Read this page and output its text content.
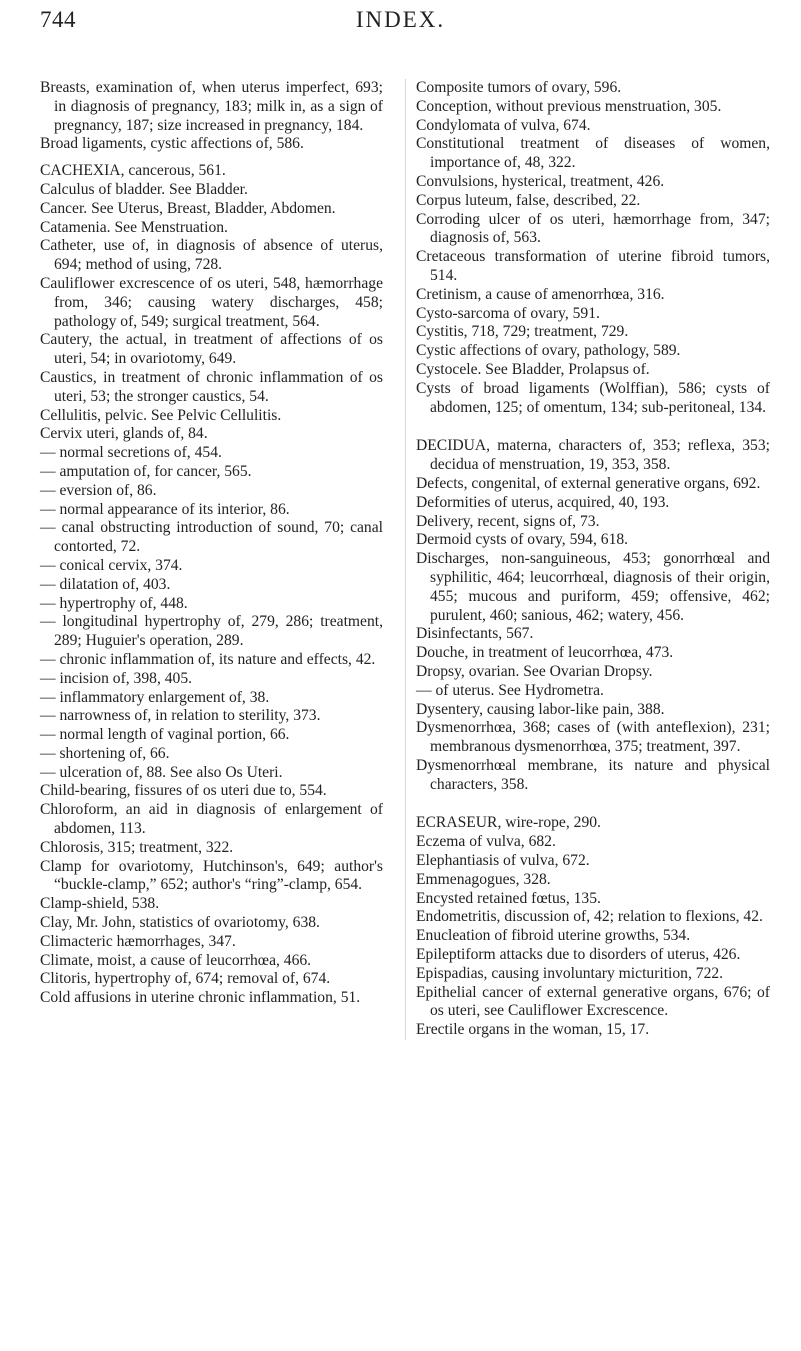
744	INDEX.
Breasts, examination of, when uterus imperfect, 693; in diagnosis of pregnancy, 183; milk in, as a sign of pregnancy, 187; size increased in pregnancy, 184.
Broad ligaments, cystic affections of, 586.
CACHEXIA, cancerous, 561.
Calculus of bladder. See Bladder.
Cancer. See Uterus, Breast, Bladder, Abdomen.
Catamenia. See Menstruation.
Catheter, use of, in diagnosis of absence of uterus, 694; method of using, 728.
Cauliflower excrescence of os uteri, 548, hæmorrhage from, 346; causing watery discharges, 458; pathology of, 549; surgical treatment, 564.
Cautery, the actual, in treatment of affections of os uteri, 54; in ovariotomy, 649.
Caustics, in treatment of chronic inflammation of os uteri, 53; the stronger caustics, 54.
Cellulitis, pelvic. See Pelvic Cellulitis.
Cervix uteri, glands of, 84.
— normal secretions of, 454.
— amputation of, for cancer, 565.
— eversion of, 86.
— normal appearance of its interior, 86.
— canal obstructing introduction of sound, 70; canal contorted, 72.
— conical cervix, 374.
— dilatation of, 403.
— hypertrophy of, 448.
— longitudinal hypertrophy of, 279, 286; treatment, 289; Huguier's operation, 289.
— chronic inflammation of, its nature and effects, 42.
— incision of, 398, 405.
— inflammatory enlargement of, 38.
— narrowness of, in relation to sterility, 373.
— normal length of vaginal portion, 66.
— shortening of, 66.
— ulceration of, 88. See also Os Uteri.
Child-bearing, fissures of os uteri due to, 554.
Chloroform, an aid in diagnosis of enlargement of abdomen, 113.
Chlorosis, 315; treatment, 322.
Clamp for ovariotomy, Hutchinson's, 649; author's “buckle-clamp,” 652; author's “ring”-clamp, 654.
Clamp-shield, 538.
Clay, Mr. John, statistics of ovariotomy, 638.
Climacteric hæmorrhages, 347.
Climate, moist, a cause of leucorrhœa, 466.
Clitoris, hypertrophy of, 674; removal of, 674.
Cold affusions in uterine chronic inflammation, 51.
Composite tumors of ovary, 596.
Conception, without previous menstruation, 305.
Condylomata of vulva, 674.
Constitutional treatment of diseases of women, importance of, 48, 322.
Convulsions, hysterical, treatment, 426.
Corpus luteum, false, described, 22.
Corroding ulcer of os uteri, hæmorrhage from, 347; diagnosis of, 563.
Cretaceous transformation of uterine fibroid tumors, 514.
Cretinism, a cause of amenorrhœa, 316.
Cysto-sarcoma of ovary, 591.
Cystitis, 718, 729; treatment, 729.
Cystic affections of ovary, pathology, 589.
Cystocele. See Bladder, Prolapsus of.
Cysts of broad ligaments (Wolffian), 586; cysts of abdomen, 125; of omentum, 134; sub-peritoneal, 134.
DECIDUA, materna, characters of, 353; reflexa, 353; decidua of menstruation, 19, 353, 358.
Defects, congenital, of external generative organs, 692.
Deformities of uterus, acquired, 40, 193.
Delivery, recent, signs of, 73.
Dermoid cysts of ovary, 594, 618.
Discharges, non-sanguineous, 453; gonorrhœal and syphilitic, 464; leucorrhœal, diagnosis of their origin, 455; mucous and puriform, 459; offensive, 462; purulent, 460; sanious, 462; watery, 456.
Disinfectants, 567.
Douche, in treatment of leucorrhœa, 473.
Dropsy, ovarian. See Ovarian Dropsy.
— of uterus. See Hydrometra.
Dysentery, causing labor-like pain, 388.
Dysmenorrhœa, 368; cases of (with anteflexion), 231; membranous dysmenorrhœa, 375; treatment, 397.
Dysmenorrhœal membrane, its nature and physical characters, 358.
ECRASEUR, wire-rope, 290.
Eczema of vulva, 682.
Elephantiasis of vulva, 672.
Emmenagogues, 328.
Encysted retained fœtus, 135.
Endometritis, discussion of, 42; relation to flexions, 42.
Enucleation of fibroid uterine growths, 534.
Epileptiform attacks due to disorders of uterus, 426.
Epispadias, causing involuntary micturition, 722.
Epithelial cancer of external generative organs, 676; of os uteri, see Cauliflower Excrescence.
Erectile organs in the woman, 15, 17.
